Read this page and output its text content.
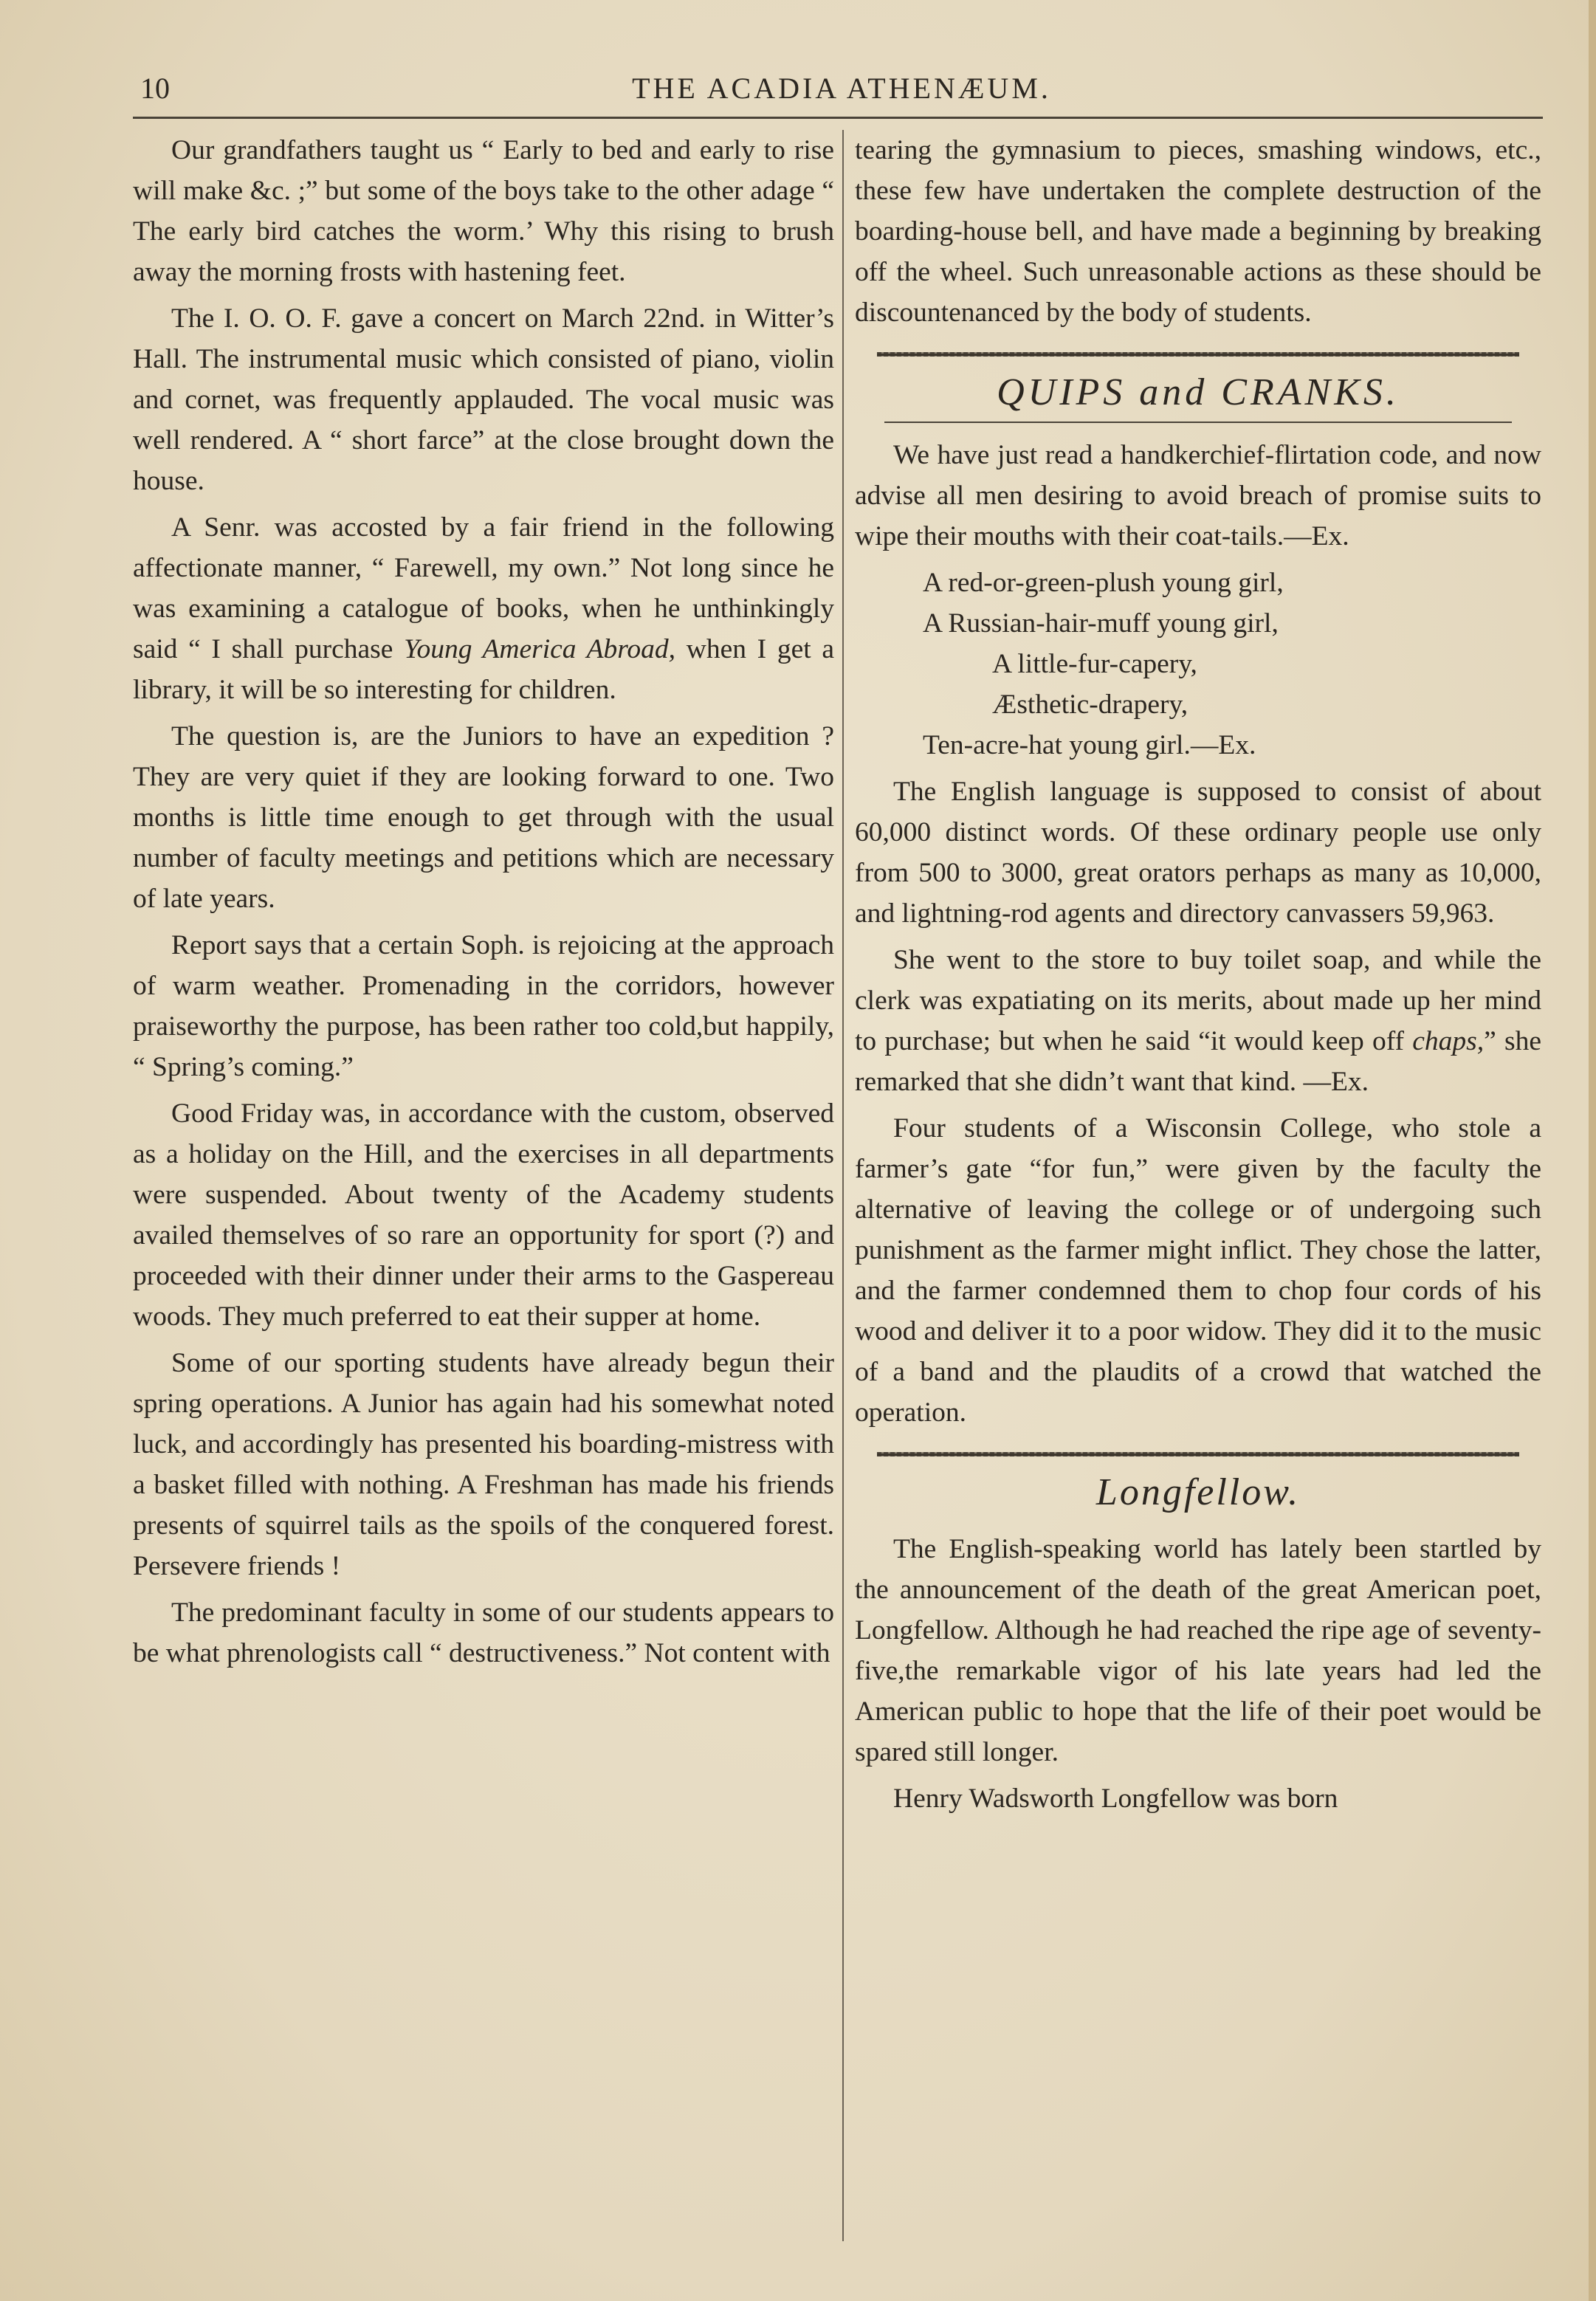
10	THE ACADIA ATHENÆUM.

Our grandfathers taught us “ Early to bed and early to rise will make &c. ;” but some of the boys take to the other adage “ The early bird catches the worm.’ Why this rising to brush away the morning frosts with hastening feet.

The I. O. O. F. gave a concert on March 22nd. in Witter’s Hall. The instrumental music which consisted of piano, violin and cornet, was frequently applauded. The vocal music was well rendered. A “ short farce” at the close brought down the house.

A Senr. was accosted by a fair friend in the following affectionate manner, “ Farewell, my own.” Not long since he was examining a catalogue of books, when he unthinkingly said “ I shall purchase Young America Abroad, when I get a library, it will be so interesting for children.

The question is, are the Juniors to have an expedition ? They are very quiet if they are looking forward to one. Two months is little time enough to get through with the usual number of faculty meetings and petitions which are necessary of late years.

Report says that a certain Soph. is rejoicing at the approach of warm weather. Promenading in the corridors, however praiseworthy the purpose, has been rather too cold,but happily, “ Spring’s coming.”

Good Friday was, in accordance with the custom, observed as a holiday on the Hill, and the exercises in all departments were suspended. About twenty of the Academy students availed themselves of so rare an opportunity for sport (?) and proceeded with their dinner under their arms to the Gaspereau woods. They much preferred to eat their supper at home.

Some of our sporting students have already begun their spring operations. A Junior has again had his somewhat noted luck, and accordingly has presented his boarding-mistress with a basket filled with nothing. A Freshman has made his friends presents of squirrel tails as the spoils of the conquered forest. Persevere friends !

The predominant faculty in some of our students appears to be what phrenologists call “ destructiveness.” Not content with

tearing the gymnasium to pieces, smashing windows, etc., these few have undertaken the complete destruction of the boarding-house bell, and have made a beginning by breaking off the wheel. Such unreasonable actions as these should be discountenanced by the body of students.

QUIPS and CRANKS.

We have just read a handkerchief-flirtation code, and now advise all men desiring to avoid breach of promise suits to wipe their mouths with their coat-tails.—Ex.

A red-or-green-plush young girl,
A Russian-hair-muff young girl,
A little-fur-capery,
Æsthetic-drapery,
Ten-acre-hat young girl.—Ex.

The English language is supposed to consist of about 60,000 distinct words. Of these ordinary people use only from 500 to 3000, great orators perhaps as many as 10,000, and lightning-rod agents and directory canvassers 59,963.

She went to the store to buy toilet soap, and while the clerk was expatiating on its merits, about made up her mind to purchase; but when he said “it would keep off chaps,” she remarked that she didn’t want that kind. —Ex.

Four students of a Wisconsin College, who stole a farmer’s gate “for fun,” were given by the faculty the alternative of leaving the college or of undergoing such punishment as the farmer might inflict. They chose the latter, and the farmer condemned them to chop four cords of his wood and deliver it to a poor widow. They did it to the music of a band and the plaudits of a crowd that watched the operation.

Longfellow.

The English-speaking world has lately been startled by the announcement of the death of the great American poet, Longfellow. Although he had reached the ripe age of seventy-five,the remarkable vigor of his late years had led the American public to hope that the life of their poet would be spared still longer.

Henry Wadsworth Longfellow was born
